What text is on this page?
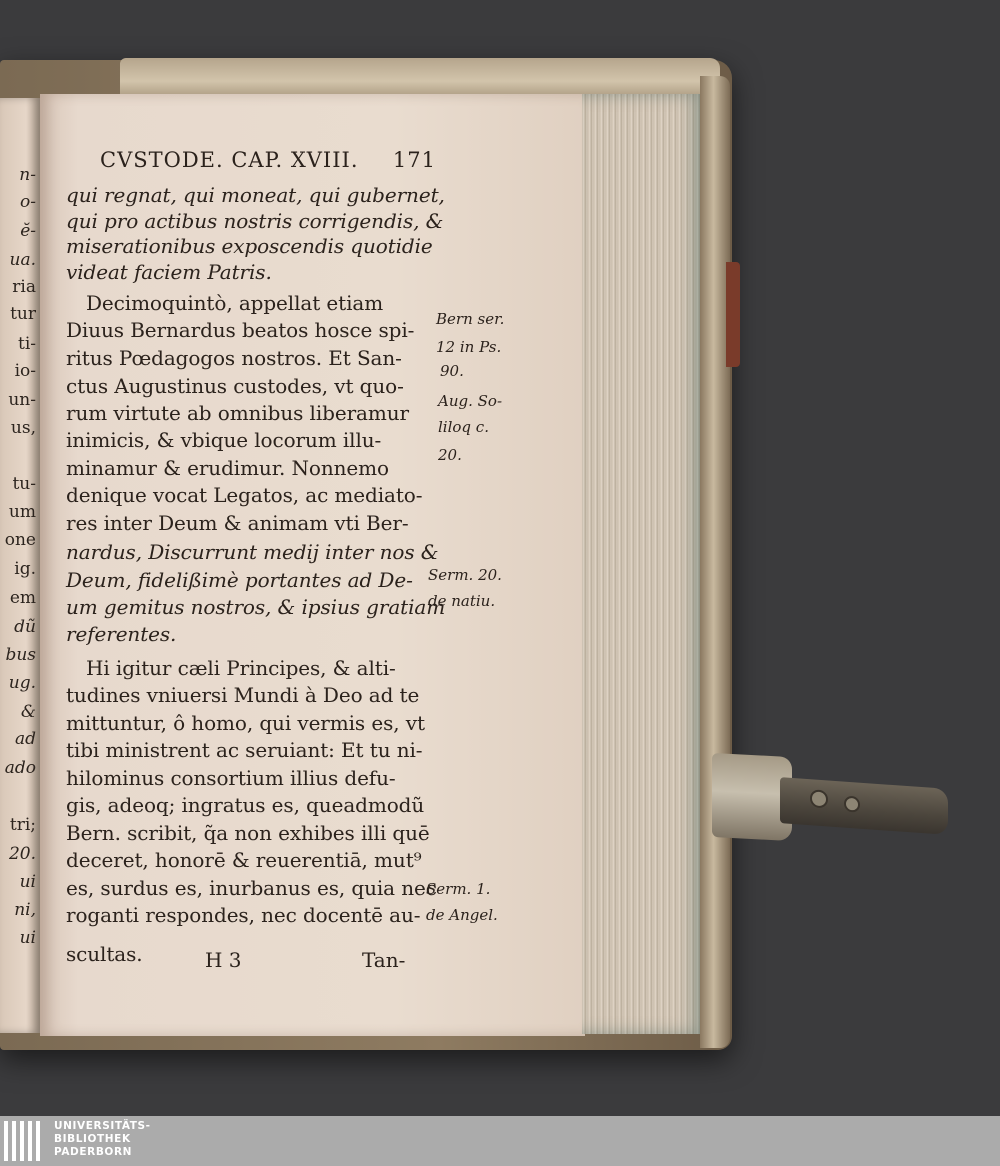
n-
o-
ĕ-
ua.
ria
tur
ti-
io-
un-
us,
tu-
um
one
ig.
em
dũ
bus
ug.
&
ad
ado
tri;
20.
ui
ni,
ui
CVSTODE. CAP. XVIII. 171
qui regnat, qui moneat, qui gubernet,
qui pro actibus nostris corrigendis, &
miserationibus exposcendis quotidie
videat faciem Patris.
Decimoquintò, appellat etiam
Diuus Bernardus beatos hosce spi-
ritus Pœdagogos nostros. Et San-
ctus Augustinus custodes, vt quo-
rum virtute ab omnibus liberamur
inimicis, & vbique locorum illu-
minamur & erudimur. Nonnemo
denique vocat Legatos, ac mediato-
res inter Deum & animam vti Ber-
nardus, Discurrunt medij inter nos &
Deum, fidelißimè portantes ad De-
um gemitus nostros, & ipsius gratiam
referentes.
Hi igitur cæli Principes, & alti-
tudines vniuersi Mundi à Deo ad te
mittuntur, ô homo, qui vermis es, vt
tibi ministrent ac seruiant: Et tu ni-
hilominus consortium illius defu-
gis, adeoq; ingratus es, queadmodũ
Bern. scribit, q̃a non exhibes illi quē
deceret, honorē & reuerentiā, mut⁹
es, surdus es, inurbanus es, quia nec
roganti respondes, nec docentē au-
scultas.
Bern ser.
12 in Ps.
90.
Aug. So-
liloq c.
20.
Serm. 20.
de natiu.
Serm. 1.
de Angel.
H 3	Tan-
UNIVERSITÄTS-
BIBLIOTHEK
PADERBORN
